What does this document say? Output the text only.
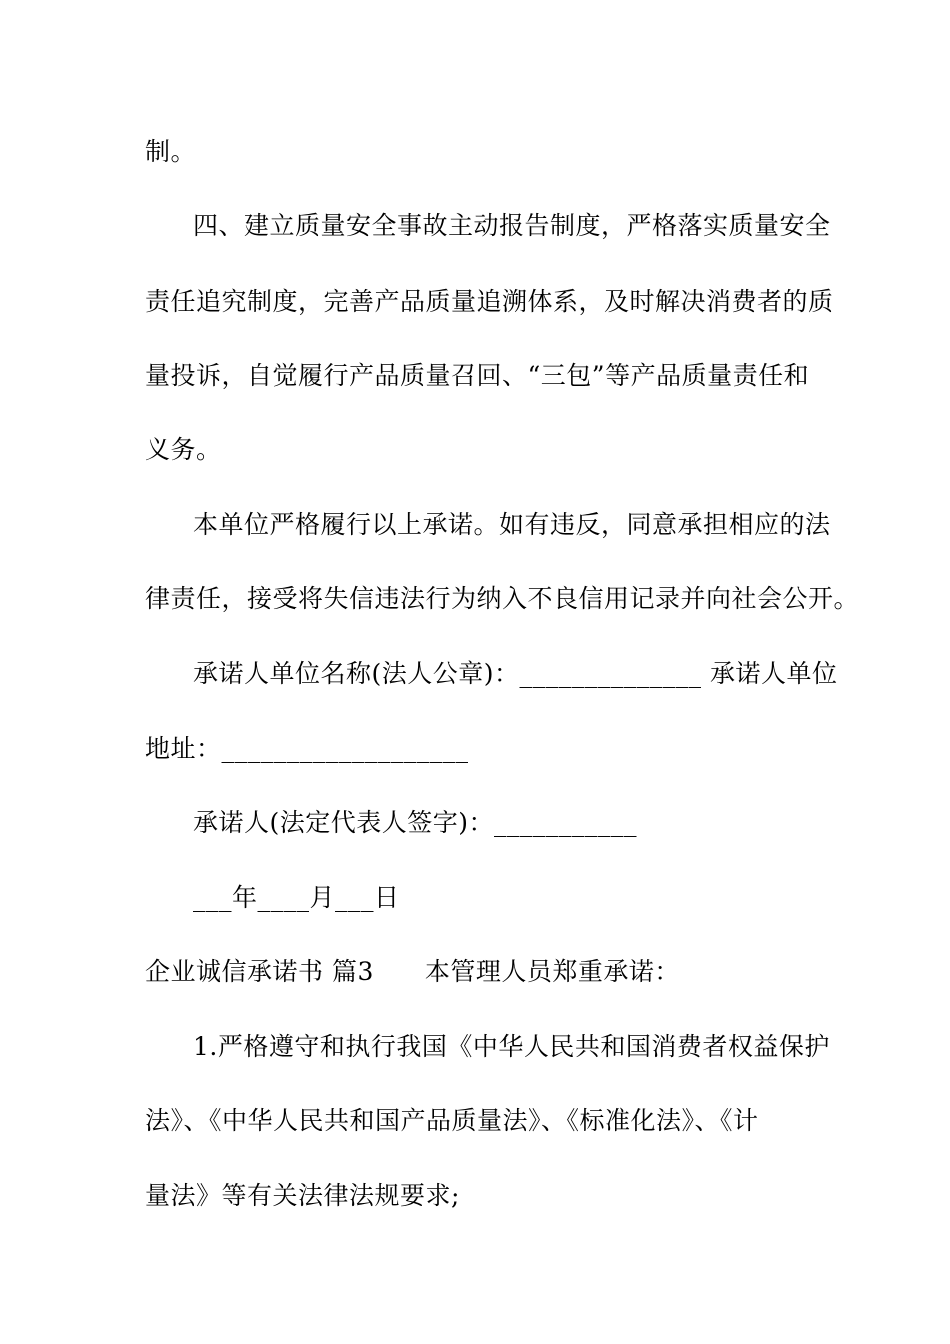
制。
四、建立质量安全事故主动报告制度，严格落实质量安全
责任追究制度，完善产品质量追溯体系，及时解决消费者的质
量投诉，自觉履行产品质量召回、“三包”等产品质量责任和
义务。
本单位严格履行以上承诺。如有违反，同意承担相应的法
律责任，接受将失信违法行为纳入不良信用记录并向社会公开。
承诺人单位名称(法人公章)：______________ 承诺人单位
地址：___________________
承诺人(法定代表人签字)：___________
___年____月___日
企业诚信承诺书 篇3　　本管理人员郑重承诺：
1.严格遵守和执行我国《中华人民共和国消费者权益保护
法》、《中华人民共和国产品质量法》、《标准化法》、《计
量法》等有关法律法规要求;
